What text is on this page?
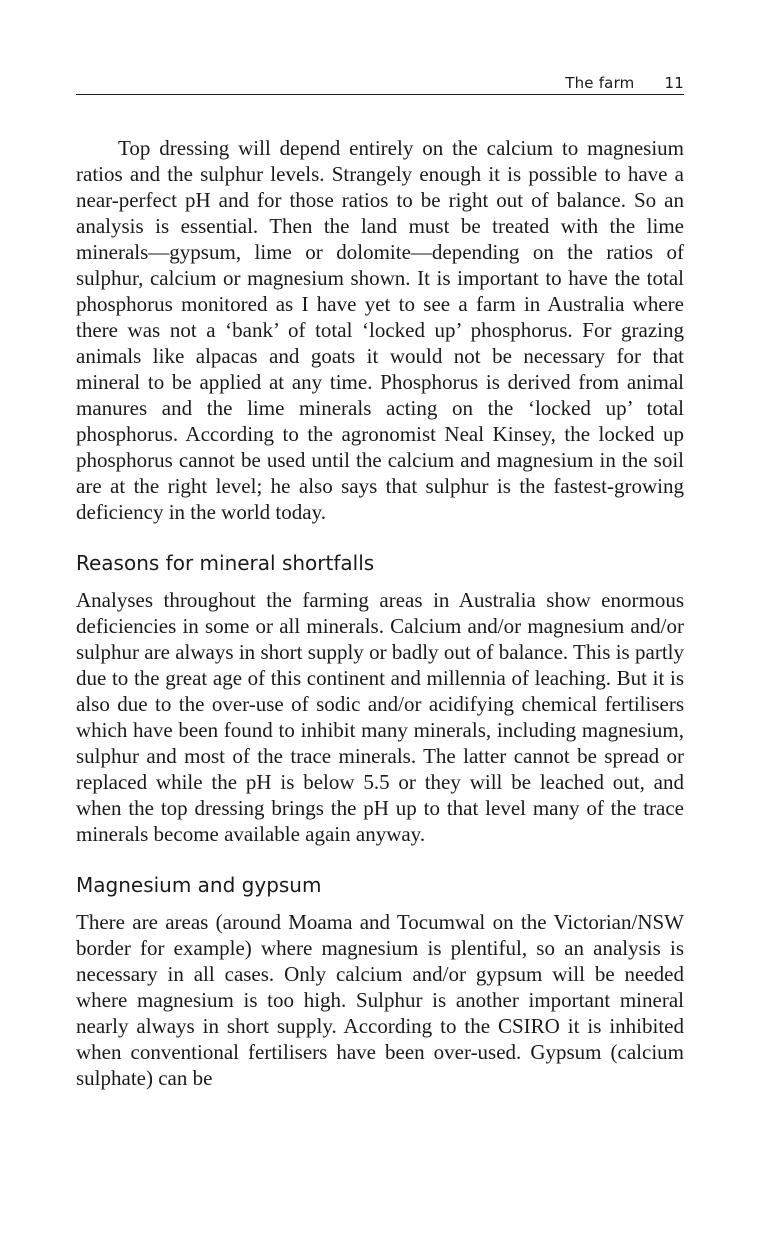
The farm 11

Top dressing will depend entirely on the calcium to magnesium ratios and the sulphur levels. Strangely enough it is possible to have a near-perfect pH and for those ratios to be right out of balance. So an analysis is essential. Then the land must be treated with the lime minerals—gypsum, lime or dolomite—depending on the ratios of sulphur, calcium or magnesium shown. It is important to have the total phosphorus monitored as I have yet to see a farm in Australia where there was not a ‘bank’ of total ‘locked up’ phosphorus. For grazing animals like alpacas and goats it would not be necessary for that mineral to be applied at any time. Phosphorus is derived from animal manures and the lime minerals acting on the ‘locked up’ total phosphorus. According to the agronomist Neal Kinsey, the locked up phosphorus cannot be used until the calcium and magnesium in the soil are at the right level; he also says that sulphur is the fastest-growing deficiency in the world today.

Reasons for mineral shortfalls

Analyses throughout the farming areas in Australia show enormous deficiencies in some or all minerals. Calcium and/or magnesium and/or sulphur are always in short supply or badly out of balance. This is partly due to the great age of this continent and millennia of leaching. But it is also due to the over-use of sodic and/or acidifying chemical fertilisers which have been found to inhibit many minerals, including magnesium, sulphur and most of the trace minerals. The latter cannot be spread or replaced while the pH is below 5.5 or they will be leached out, and when the top dressing brings the pH up to that level many of the trace minerals become available again anyway.

Magnesium and gypsum

There are areas (around Moama and Tocumwal on the Victorian/NSW border for example) where magnesium is plentiful, so an analysis is necessary in all cases. Only calcium and/or gypsum will be needed where magnesium is too high. Sulphur is another important mineral nearly always in short supply. According to the CSIRO it is inhibited when conventional fertilisers have been over-used. Gypsum (calcium sulphate) can be
